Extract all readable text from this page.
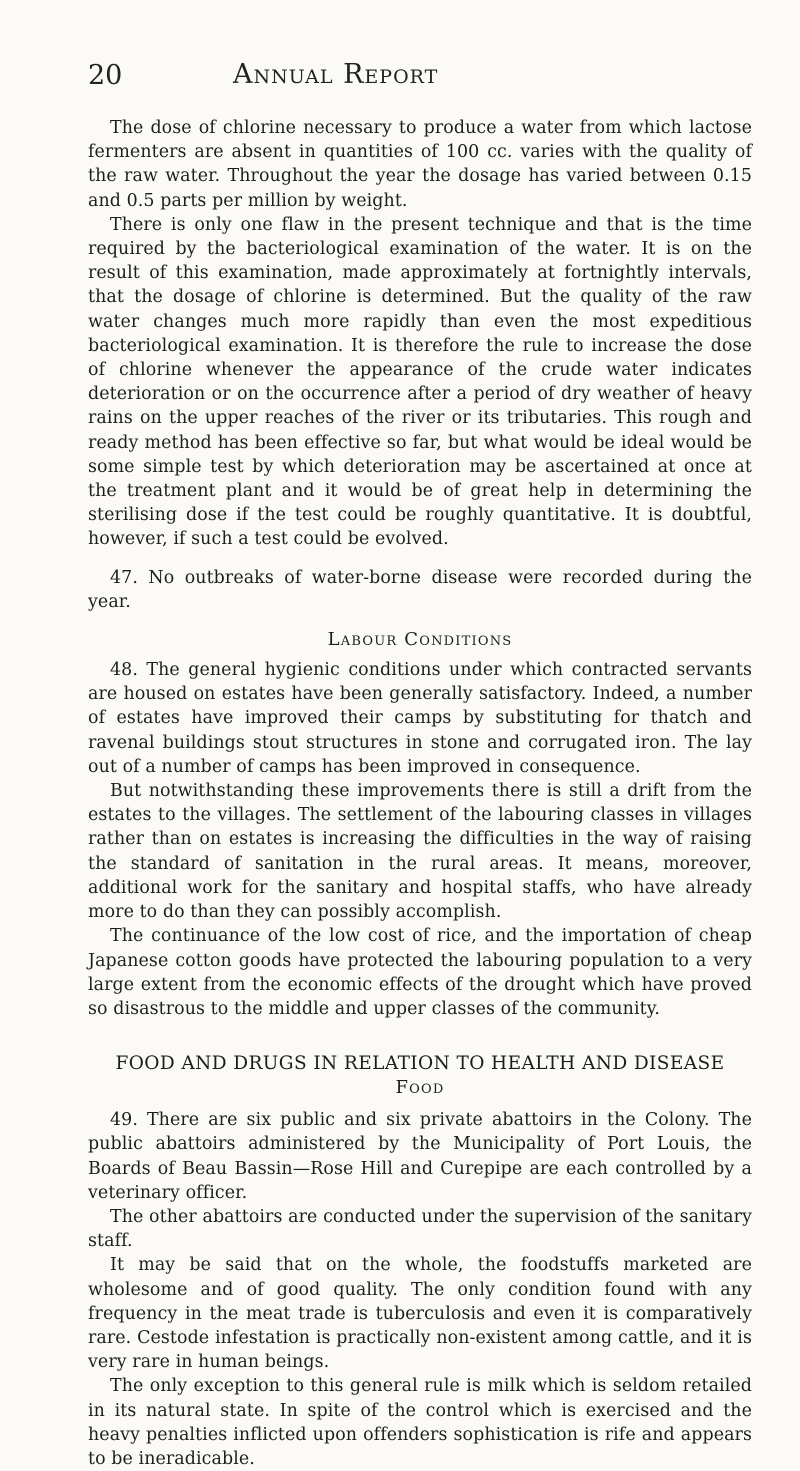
20	Annual Report

The dose of chlorine necessary to produce a water from which lactose fermenters are absent in quantities of 100 cc. varies with the quality of the raw water. Throughout the year the dosage has varied between 0.15 and 0.5 parts per million by weight.

There is only one flaw in the present technique and that is the time required by the bacteriological examination of the water. It is on the result of this examination, made approximately at fortnightly intervals, that the dosage of chlorine is determined. But the quality of the raw water changes much more rapidly than even the most expeditious bacteriological examination. It is therefore the rule to increase the dose of chlorine whenever the appearance of the crude water indicates deterioration or on the occurrence after a period of dry weather of heavy rains on the upper reaches of the river or its tributaries. This rough and ready method has been effective so far, but what would be ideal would be some simple test by which deterioration may be ascertained at once at the treatment plant and it would be of great help in determining the sterilising dose if the test could be roughly quantitative. It is doubtful, however, if such a test could be evolved.

47. No outbreaks of water-borne disease were recorded during the year.

Labour Conditions

48. The general hygienic conditions under which contracted servants are housed on estates have been generally satisfactory. Indeed, a number of estates have improved their camps by substituting for thatch and ravenal buildings stout structures in stone and corrugated iron. The lay out of a number of camps has been improved in consequence.

But notwithstanding these improvements there is still a drift from the estates to the villages. The settlement of the labouring classes in villages rather than on estates is increasing the difficulties in the way of raising the standard of sanitation in the rural areas. It means, moreover, additional work for the sanitary and hospital staffs, who have already more to do than they can possibly accomplish.

The continuance of the low cost of rice, and the importation of cheap Japanese cotton goods have protected the labouring population to a very large extent from the economic effects of the drought which have proved so disastrous to the middle and upper classes of the community.

FOOD AND DRUGS IN RELATION TO HEALTH AND DISEASE
Food

49. There are six public and six private abattoirs in the Colony. The public abattoirs administered by the Municipality of Port Louis, the Boards of Beau Bassin—Rose Hill and Curepipe are each controlled by a veterinary officer.

The other abattoirs are conducted under the supervision of the sanitary staff.

It may be said that on the whole, the foodstuffs marketed are wholesome and of good quality. The only condition found with any frequency in the meat trade is tuberculosis and even it is comparatively rare. Cestode infestation is practically non-existent among cattle, and it is very rare in human beings.

The only exception to this general rule is milk which is seldom retailed in its natural state. In spite of the control which is exercised and the heavy penalties inflicted upon offenders sophistication is rife and appears to be ineradicable.
